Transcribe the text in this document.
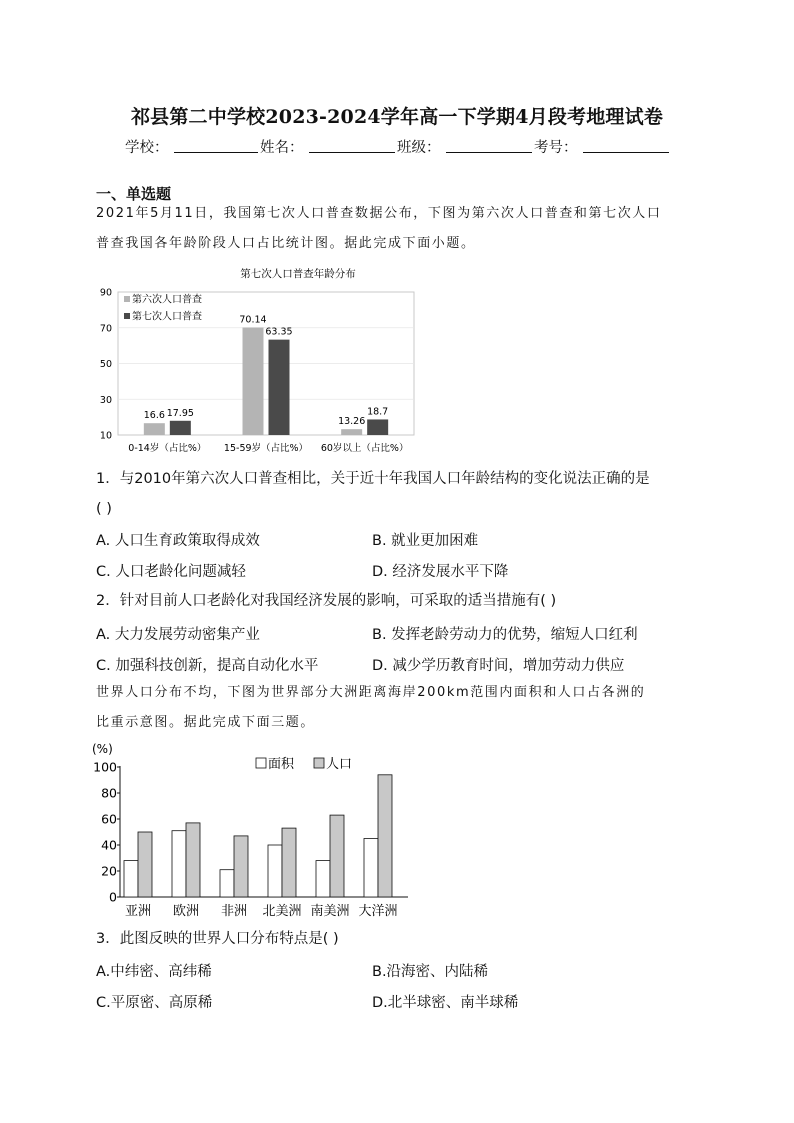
祁县第二中学校2023-2024学年高一下学期4月段考地理试卷
学校：	姓名：	班级：	考号：
一、单选题
2021年5月11日，我国第七次人口普查数据公布，下图为第六次人口普查和第七次人口
普查我国各年龄阶段人口占比统计图。据此完成下面小题。
第七次人口普查年龄分布
90
70
50
30
10
16.6 17.95
70.14
63.35
13.26
18.7
0-14岁（占比%） 15-59岁（占比%） 60岁以上（占比%）
第六次人口普查
第七次人口普查
1．与2010年第六次人口普查相比，关于近十年我国人口年龄结构的变化说法正确的是
( )
A. 人口生育政策取得成效	B. 就业更加困难
C. 人口老龄化问题减轻	D. 经济发展水平下降
2．针对目前人口老龄化对我国经济发展的影响，可采取的适当措施有( )
A. 大力发展劳动密集产业	B. 发挥老龄劳动力的优势，缩短人口红利
C. 加强科技创新，提高自动化水平	D. 减少学历教育时间，增加劳动力供应
世界人口分布不均，下图为世界部分大洲距离海岸200km范围内面积和人口占各洲的
比重示意图。据此完成下面三题。
(%)
100
80
60
40
20
0
亚洲 欧洲 非洲 北美洲 南美洲 大洋洲
面积 人口
3．此图反映的世界人口分布特点是( )
A.中纬密、高纬稀	B.沿海密、内陆稀
C.平原密、高原稀	D.北半球密、南半球稀
